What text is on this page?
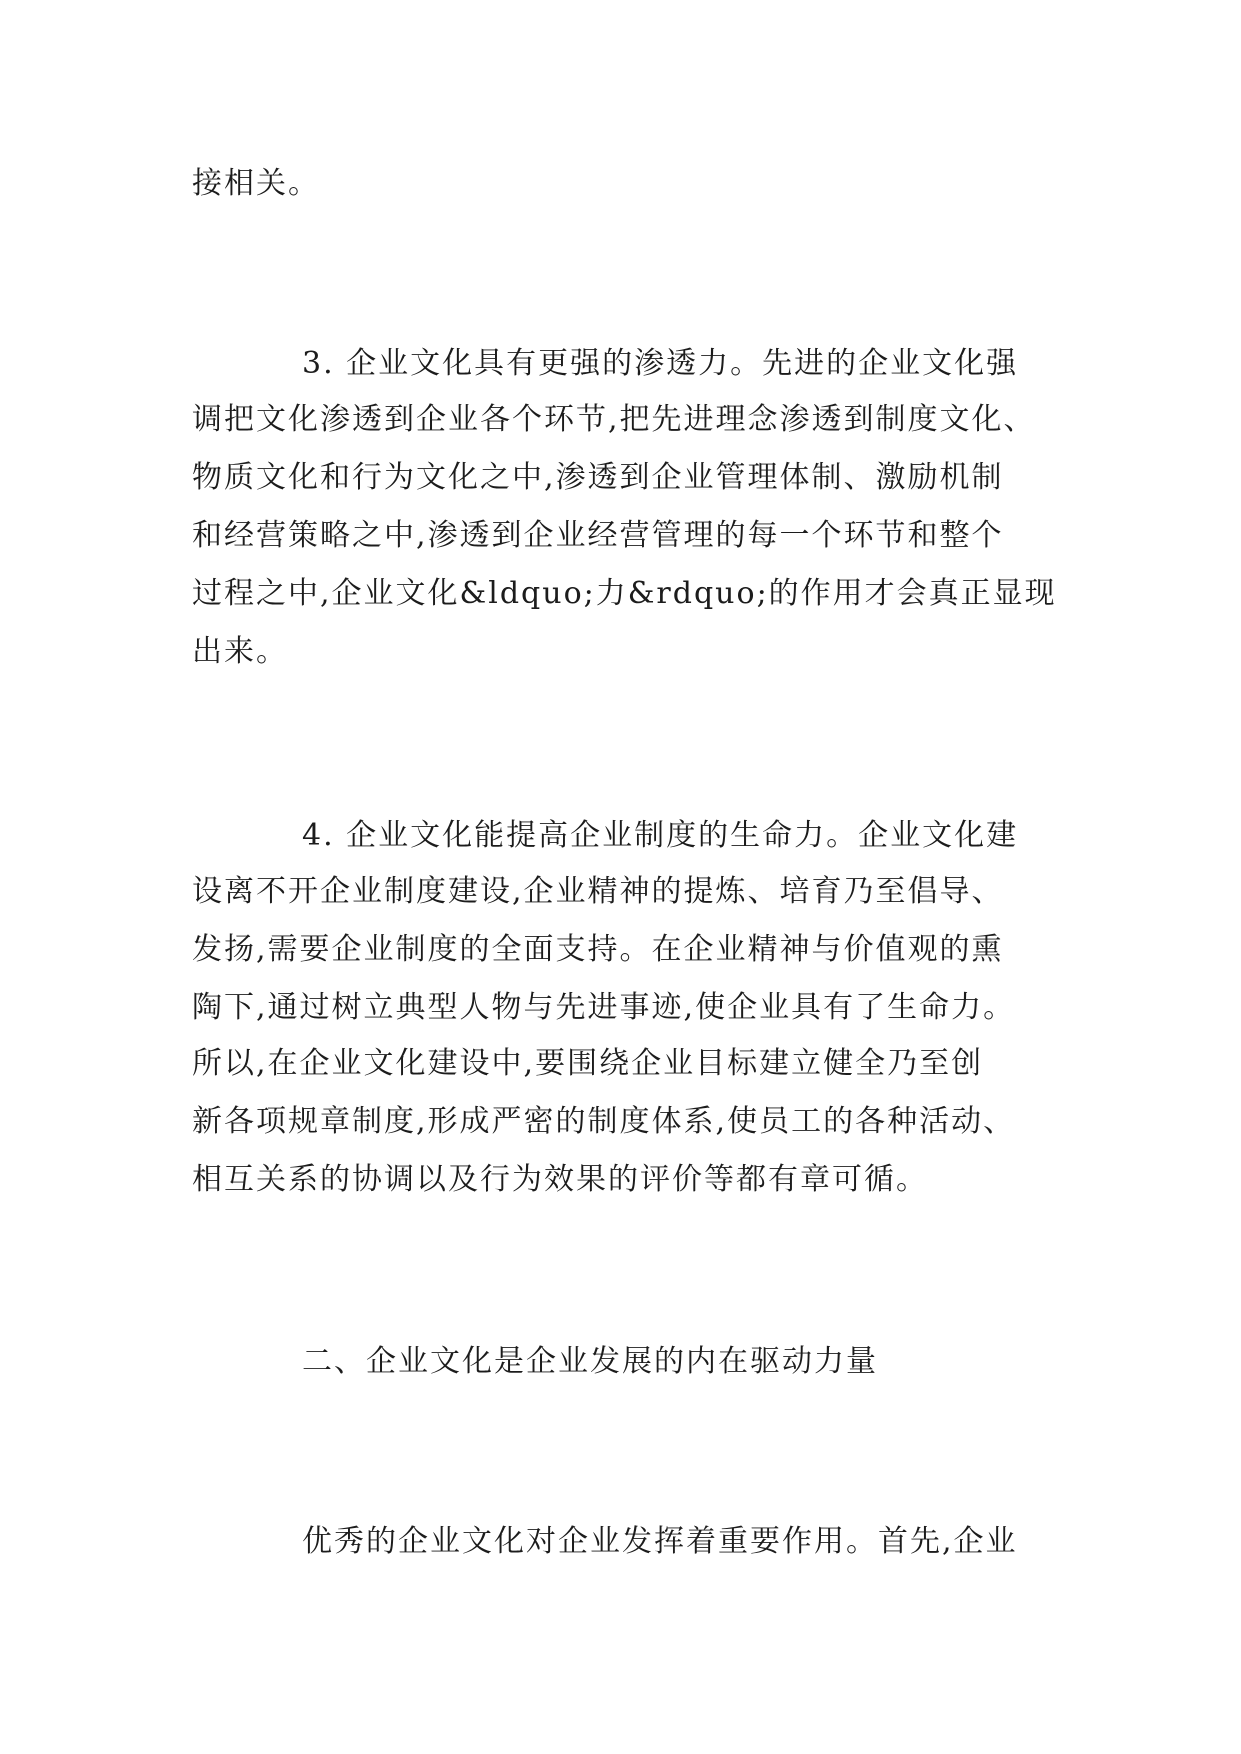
接相关。
3. 企业文化具有更强的渗透力。先进的企业文化强
调把文化渗透到企业各个环节,把先进理念渗透到制度文化、
物质文化和行为文化之中,渗透到企业管理体制、激励机制
和经营策略之中,渗透到企业经营管理的每一个环节和整个
过程之中,企业文化&ldquo;力&rdquo;的作用才会真正显现
出来。
4. 企业文化能提高企业制度的生命力。企业文化建
设离不开企业制度建设,企业精神的提炼、培育乃至倡导、
发扬,需要企业制度的全面支持。在企业精神与价值观的熏
陶下,通过树立典型人物与先进事迹,使企业具有了生命力。
所以,在企业文化建设中,要围绕企业目标建立健全乃至创
新各项规章制度,形成严密的制度体系,使员工的各种活动、
相互关系的协调以及行为效果的评价等都有章可循。
二、企业文化是企业发展的内在驱动力量
优秀的企业文化对企业发挥着重要作用。首先,企业
